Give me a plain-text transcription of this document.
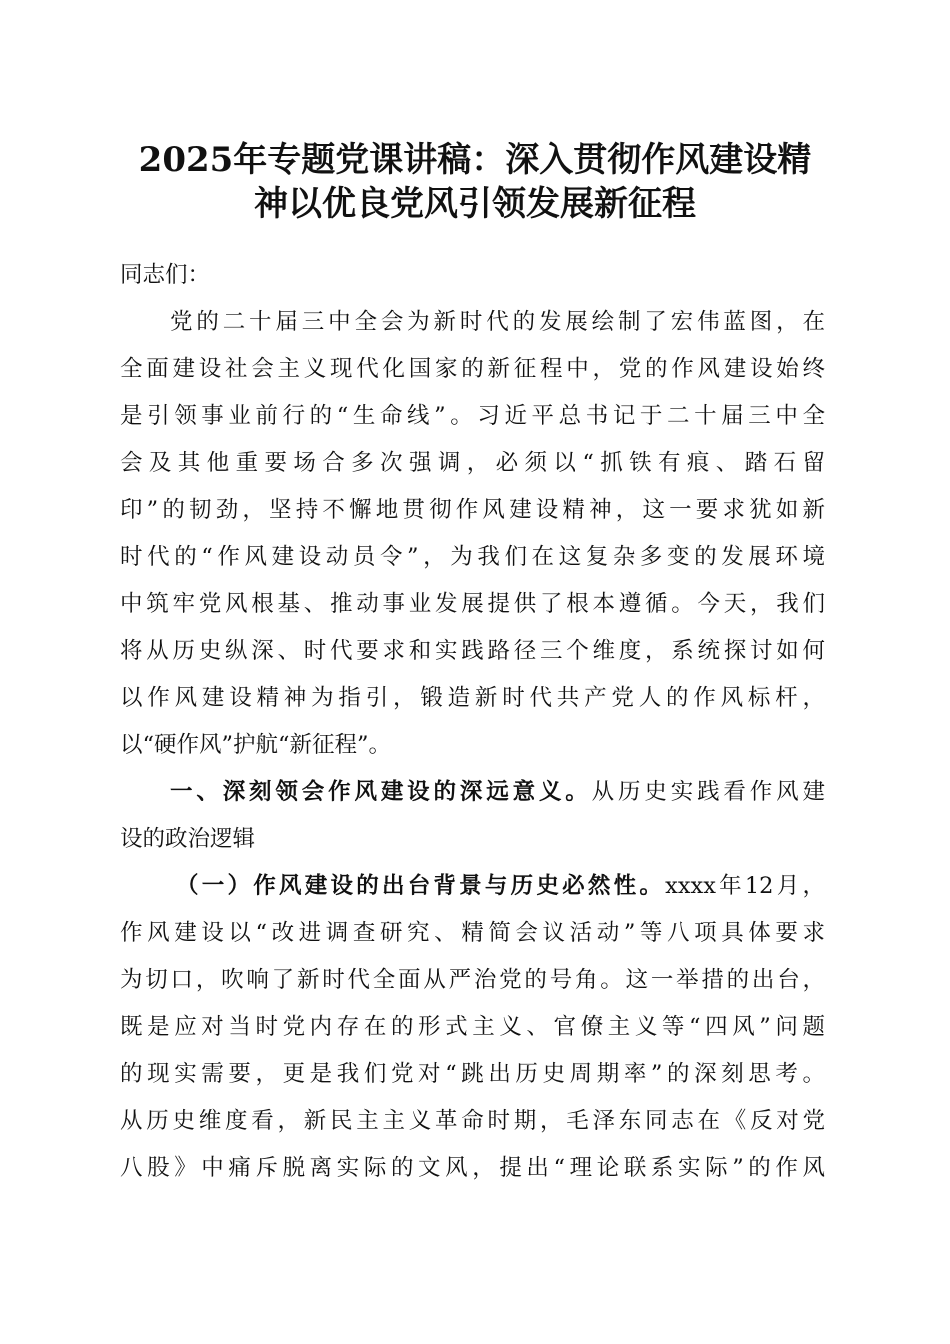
2025年专题党课讲稿：深入贯彻作风建设精
神以优良党风引领发展新征程
同志们：
党的二十届三中全会为新时代的发展绘制了宏伟蓝图，在
全面建设社会主义现代化国家的新征程中，党的作风建设始终
是引领事业前行的“生命线”。习近平总书记于二十届三中全
会及其他重要场合多次强调，必须以“抓铁有痕、踏石留
印”的韧劲，坚持不懈地贯彻作风建设精神，这一要求犹如新
时代的“作风建设动员令”，为我们在这复杂多变的发展环境
中筑牢党风根基、推动事业发展提供了根本遵循。今天，我们
将从历史纵深、时代要求和实践路径三个维度，系统探讨如何
以作风建设精神为指引，锻造新时代共产党人的作风标杆，
以“硬作风”护航“新征程”。
一、深刻领会作风建设的深远意义。从历史实践看作风建
设的政治逻辑
（一）作风建设的出台背景与历史必然性。xxxx年12月，
作风建设以“改进调查研究、精简会议活动”等八项具体要求
为切口，吹响了新时代全面从严治党的号角。这一举措的出台，
既是应对当时党内存在的形式主义、官僚主义等“四风”问题
的现实需要，更是我们党对“跳出历史周期率”的深刻思考。
从历史维度看，新民主主义革命时期，毛泽东同志在《反对党
八股》中痛斥脱离实际的文风，提出“理论联系实际”的作风
